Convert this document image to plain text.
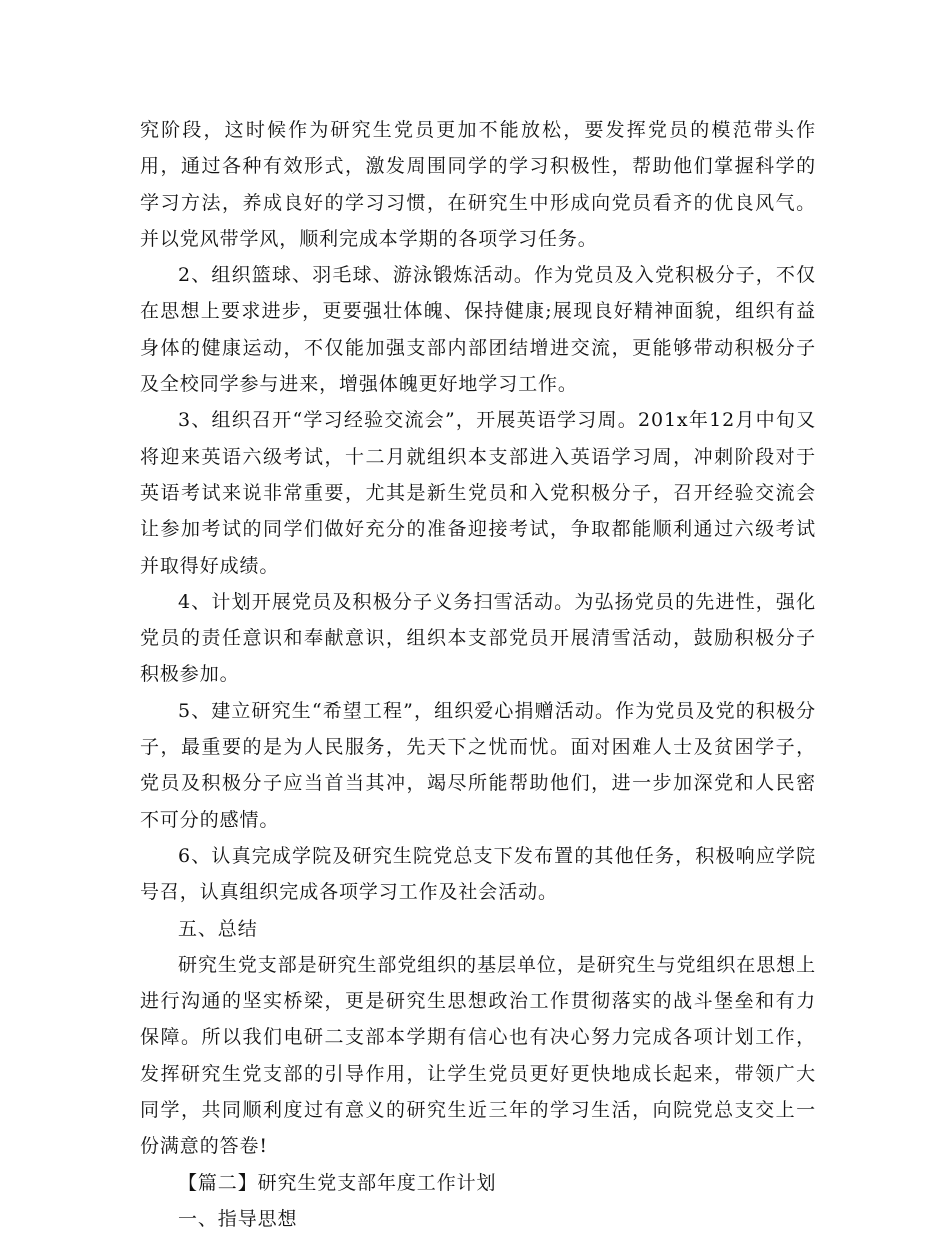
究阶段，这时候作为研究生党员更加不能放松，要发挥党员的模范带头作用，通过各种有效形式，激发周围同学的学习积极性，帮助他们掌握科学的学习方法，养成良好的学习习惯，在研究生中形成向党员看齐的优良风气。并以党风带学风，顺利完成本学期的各项学习任务。

2、组织篮球、羽毛球、游泳锻炼活动。作为党员及入党积极分子，不仅在思想上要求进步，更要强壮体魄、保持健康;展现良好精神面貌，组织有益身体的健康运动，不仅能加强支部内部团结增进交流，更能够带动积极分子及全校同学参与进来，增强体魄更好地学习工作。

3、组织召开“学习经验交流会”，开展英语学习周。201x年12月中旬又将迎来英语六级考试，十二月就组织本支部进入英语学习周，冲刺阶段对于英语考试来说非常重要，尤其是新生党员和入党积极分子，召开经验交流会让参加考试的同学们做好充分的准备迎接考试，争取都能顺利通过六级考试并取得好成绩。

4、计划开展党员及积极分子义务扫雪活动。为弘扬党员的先进性，强化党员的责任意识和奉献意识，组织本支部党员开展清雪活动，鼓励积极分子积极参加。

5、建立研究生“希望工程”，组织爱心捐赠活动。作为党员及党的积极分子，最重要的是为人民服务，先天下之忧而忧。面对困难人士及贫困学子，党员及积极分子应当首当其冲，竭尽所能帮助他们，进一步加深党和人民密不可分的感情。

6、认真完成学院及研究生院党总支下发布置的其他任务，积极响应学院号召，认真组织完成各项学习工作及社会活动。

五、总结

研究生党支部是研究生部党组织的基层单位，是研究生与党组织在思想上进行沟通的坚实桥梁，更是研究生思想政治工作贯彻落实的战斗堡垒和有力保障。所以我们电研二支部本学期有信心也有决心努力完成各项计划工作，发挥研究生党支部的引导作用，让学生党员更好更快地成长起来，带领广大同学，共同顺利度过有意义的研究生近三年的学习生活，向院党总支交上一份满意的答卷!

【篇二】研究生党支部年度工作计划

一、指导思想
